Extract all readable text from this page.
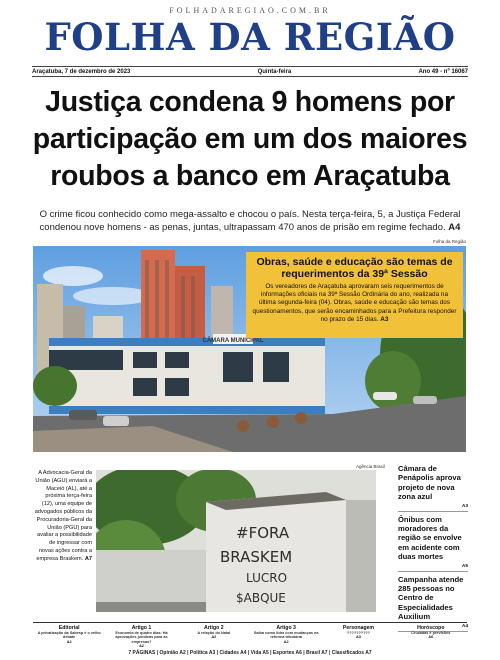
FOLHADAREGIAO.COM.BR
FOLHA DA REGIÃO
Araçatuba, 7 de dezembro de 2023	Quinta-feira	Ano 49 - nº 16067
Justiça condena 9 homens por participação em um dos maiores roubos a banco em Araçatuba

O crime ficou conhecido como mega-assalto e chocou o país. Nesta terça-feira, 5, a Justiça Federal condenou nove homens - as penas, juntas, ultrapassam 470 anos de prisão em regime fechado. A4

Folha da Região
CÂMARA MUNICIPAL
Obras, saúde e educação são temas de requerimentos da 39ª Sessão
Os vereadores de Araçatuba aprovaram seis requerimentos de informações oficiais na 39ª Sessão Ordinária do ano, realizada na última segunda-feira (04). Obras, saúde e educação são temas dos questionamentos, que serão encaminhados para a Prefeitura responder no prazo de 15 dias. A3
A Advocacia-Geral da União (AGU) enviará a Maceió (AL), até a próxima terça-feira (12), uma equipe de advogados públicos da Procuradoria-Geral da União (PGU) para avaliar a possibilidade de ingressar com novas ações contra a empresa Braskem. A7
Agência Brasil
#FORA
BRASKEM
LUCRO
$ABQUE
Câmara de Penápolis aprova projeto de nova zona azul
A3
Ônibus com moradores da região se envolve em acidente com duas mortes
A5
Campanha atende 285 pessoas no Centro de Especialidades Auxilium
A4
Editorial
A privatização da Sabesp é o velho debate
A2
Artigo 1
Economia de quatro dias: Há aprovações jurídicas para as empresas?
A2
Artigo 2
A relação do Natal
A2
Artigo 3
Saiba como lidar com mudanças na reforma tributária
A2
Personagem
??????????
A3
Horóscopo
Cruzadas e previsões
A6
7 PÁGINAS | Opinião A2 | Política A3 | Cidades A4 | Vida A5 | Esportes A6 | Brasil A7 | Classificados A7
